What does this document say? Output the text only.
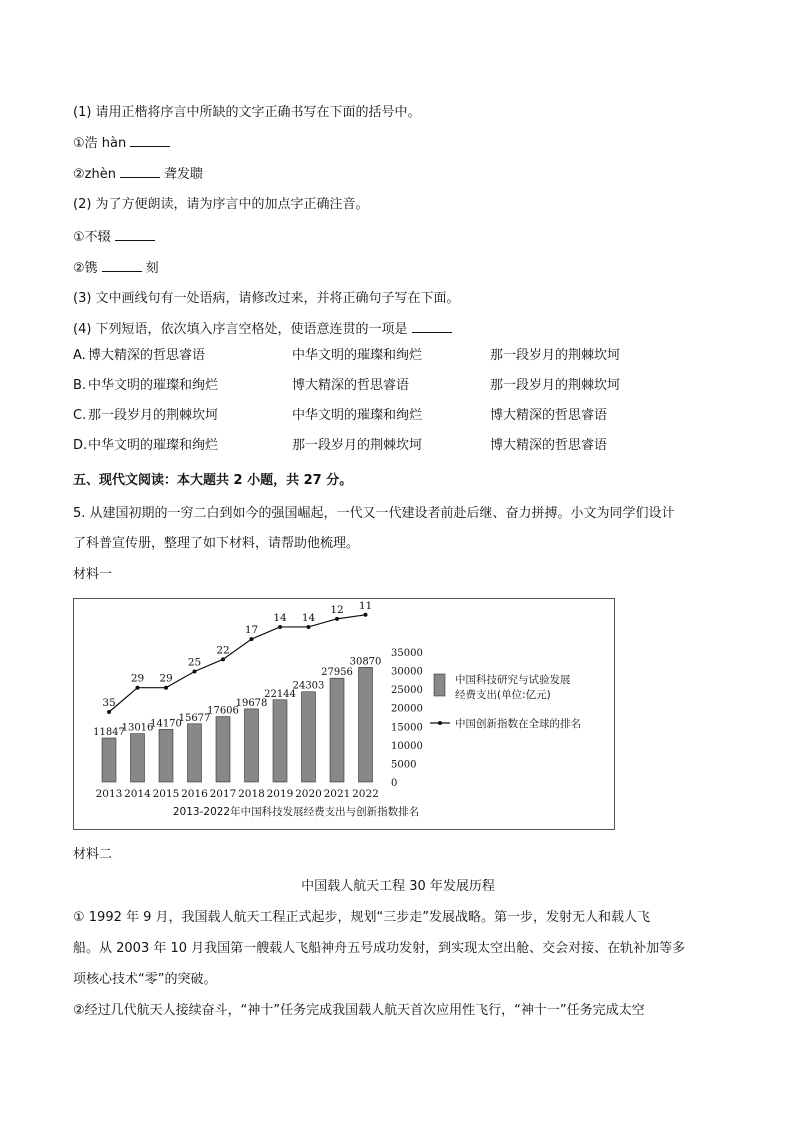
(1) 请用正楷将序言中所缺的文字正确书写在下面的括号中。
①浩 hàn
②zhèn	聋发聩
(2) 为了方便朗读，请为序言中的加点字正确注音。
①不辍
②镌	刻
(3) 文中画线句有一处语病，请修改过来，并将正确句子写在下面。
(4) 下列短语，依次填入序言空格处，使语意连贯的一项是
A. 博大精深的哲思睿语	中华文明的璀璨和绚烂	那一段岁月的荆棘坎坷
B. 中华文明的璀璨和绚烂	博大精深的哲思睿语	那一段岁月的荆棘坎坷
C. 那一段岁月的荆棘坎坷	中华文明的璀璨和绚烂	博大精深的哲思睿语
D. 中华文明的璀璨和绚烂	那一段岁月的荆棘坎坷	博大精深的哲思睿语
五、现代文阅读：本大题共 2 小题，共 27 分。
5. 从建国初期的一穷二白到如今的强国崛起，一代又一代建设者前赴后继、奋力拼搏。小文为同学们设计
了科普宣传册，整理了如下材料，请帮助他梳理。
材料一
11847
2013
13016
2014
14170
2015
15677
2016
17606
2017
19678
2018
22144
2019
24303
2020
27956
2021
30870
2022
35
29 29
25
22
17
14 14
12 11
35000
30000
25000
20000
15000
10000
5000
0
中国科技研究与试验发展
经费支出(单位:亿元)
中国创新指数在全球的排名
2013-2022年中国科技发展经费支出与创新指数排名
材料二
中国载人航天工程 30 年发展历程
① 1992 年 9 月，我国载人航天工程正式起步，规划“三步走”发展战略。第一步，发射无人和载人飞
船。从 2003 年 10 月我国第一艘载人飞船神舟五号成功发射，到实现太空出舱、交会对接、在轨补加等多
项核心技术“零”的突破。
②经过几代航天人接续奋斗，“神十”任务完成我国载人航天首次应用性飞行，“神十一”任务完成太空
